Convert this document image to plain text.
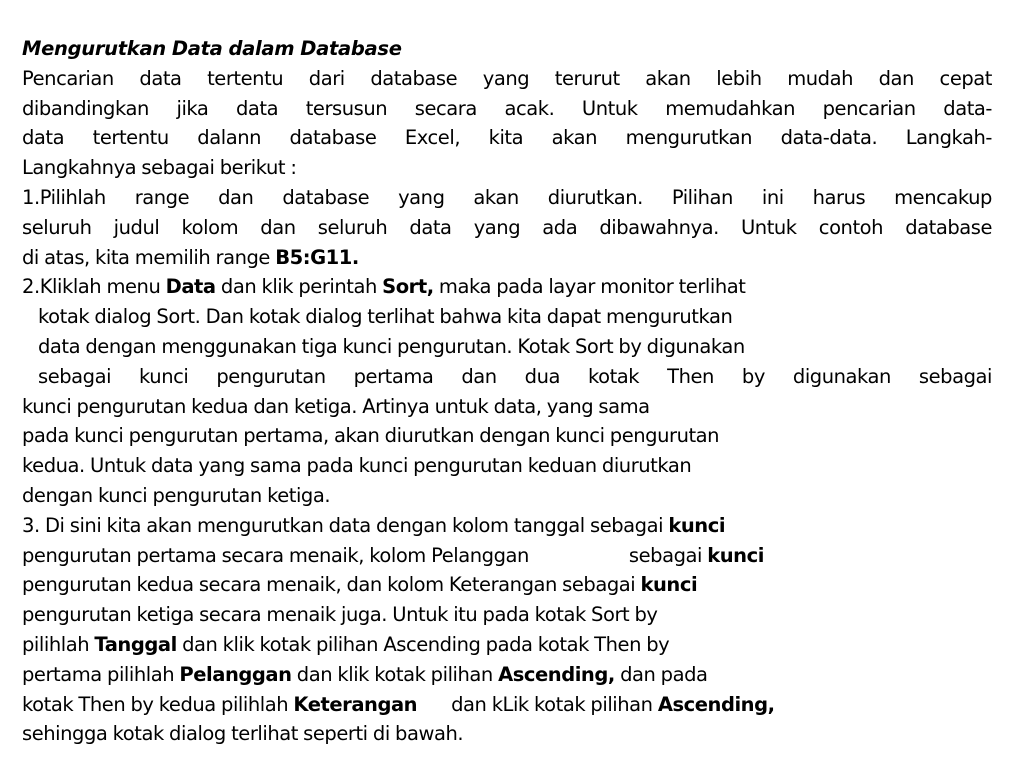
Mengurutkan Data dalam Database
Pencarian data tertentu dari database yang terurut akan lebih mudah dan cepat
dibandingkan jika data tersusun secara acak. Untuk memudahkan pencarian data-
data tertentu dalann database Excel, kita akan mengurutkan data-data. Langkah-
Langkahnya sebagai berikut :
1.Pilihlah range dan database yang akan diurutkan. Pilihan ini harus mencakup
seluruh judul kolom dan seluruh data yang ada dibawahnya. Untuk contoh database
di atas, kita memilih range B5:G11.
2.Kliklah menu Data dan klik perintah Sort, maka pada layar monitor terlihat
kotak dialog Sort. Dan kotak dialog terlihat bahwa kita dapat mengurutkan
data dengan menggunakan tiga kunci pengurutan. Kotak Sort by digunakan
sebagai kunci pengurutan pertama dan dua kotak Then by digunakan sebagai
kunci pengurutan kedua dan ketiga. Artinya untuk data, yang sama
pada kunci pengurutan pertama, akan diurutkan dengan kunci pengurutan
kedua. Untuk data yang sama pada kunci pengurutan keduan diurutkan
dengan kunci pengurutan ketiga.
3. Di sini kita akan mengurutkan data dengan kolom tanggal sebagai kunci
pengurutan pertama secara menaik, kolom Pelanggan	sebagai kunci
pengurutan kedua secara menaik, dan kolom Keterangan sebagai kunci
pengurutan ketiga secara menaik juga. Untuk itu pada kotak Sort by
pilihlah Tanggal dan klik kotak pilihan Ascending pada kotak Then by
pertama pilihlah Pelanggan dan klik kotak pilihan Ascending, dan pada
kotak Then by kedua pilihlah Keterangan dan kLik kotak pilihan Ascending,
sehingga kotak dialog terlihat seperti di bawah.
